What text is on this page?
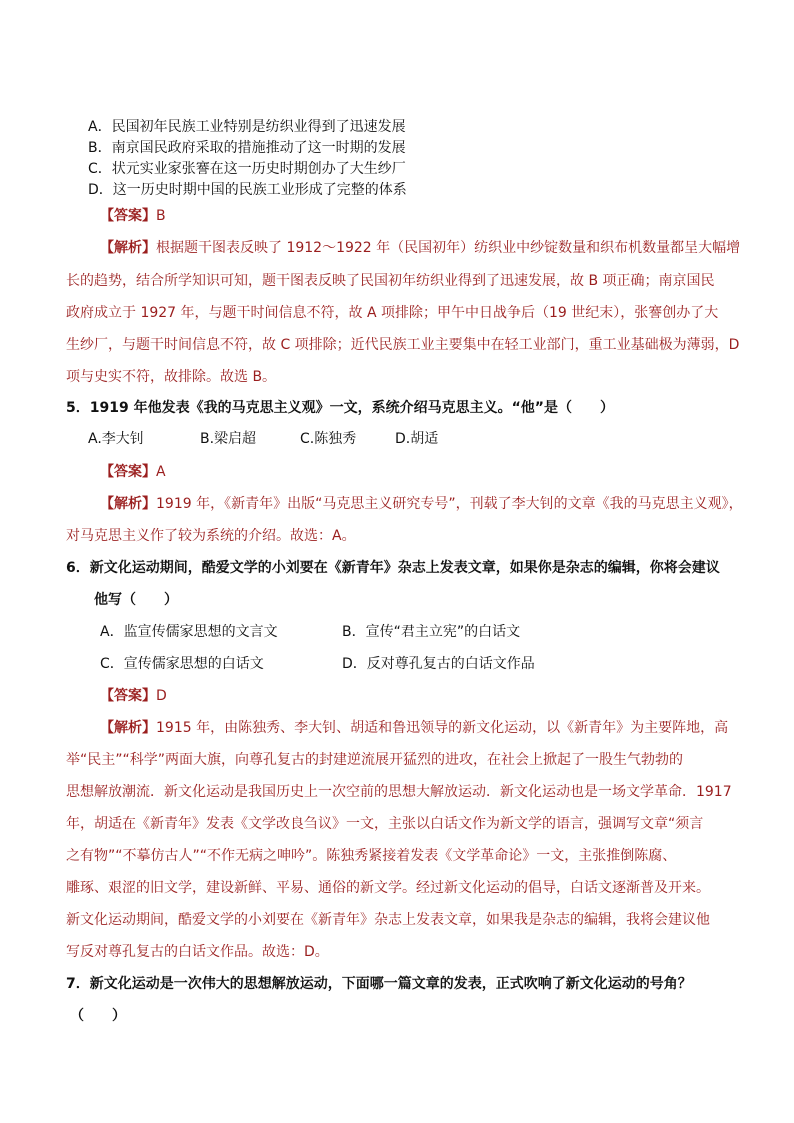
A．民国初年民族工业特别是纺织业得到了迅速发展
B．南京国民政府采取的措施推动了这一时期的发展
C．状元实业家张謇在这一历史时期创办了大生纱厂
D．这一历史时期中国的民族工业形成了完整的体系
【答案】B
【解析】根据题干图表反映了 1912～1922 年（民国初年）纺织业中纱锭数量和织布机数量都呈大幅增
长的趋势，结合所学知识可知，题干图表反映了民国初年纺织业得到了迅速发展，故 B 项正确；南京国民
政府成立于 1927 年，与题干时间信息不符，故 A 项排除；甲午中日战争后（19 世纪末），张謇创办了大
生纱厂，与题干时间信息不符，故 C 项排除；近代民族工业主要集中在轻工业部门，重工业基础极为薄弱，D
项与史实不符，故排除。故选 B。
5．1919 年他发表《我的马克思主义观》一文，系统介绍马克思主义。“他”是（　　）
A.李大钊	B.梁启超	C.陈独秀	D.胡适
【答案】A
【解析】1919 年，《新青年》出版“马克思主义研究专号”，刊载了李大钊的文章《我的马克思主义观》，
对马克思主义作了较为系统的介绍。故选：A。
6．新文化运动期间，酷爱文学的小刘要在《新青年》杂志上发表文章，如果你是杂志的编辑，你将会建议
他写（　　）
A．监宣传儒家思想的文言文	B．宣传“君主立宪”的白话文
C．宣传儒家思想的白话文	D．反对尊孔复古的白话文作品
【答案】D
【解析】1915 年，由陈独秀、李大钊、胡适和鲁迅领导的新文化运动，以《新青年》为主要阵地，高
举“民主”“科学”两面大旗，向尊孔复古的封建逆流展开猛烈的进攻，在社会上掀起了一股生气勃勃的
思想解放潮流．新文化运动是我国历史上一次空前的思想大解放运动．新文化运动也是一场文学革命．1917
年，胡适在《新青年》发表《文学改良刍议》一文，主张以白话文作为新文学的语言，强调写文章“须言
之有物”“不摹仿古人”“不作无病之呻吟”。陈独秀紧接着发表《文学革命论》一文，主张推倒陈腐、
雕琢、艰涩的旧文学，建设新鲜、平易、通俗的新文学。经过新文化运动的倡导，白话文逐渐普及开来。
新文化运动期间，酷爱文学的小刘要在《新青年》杂志上发表文章，如果我是杂志的编辑，我将会建议他
写反对尊孔复古的白话文作品。故选：D。
7．新文化运动是一次伟大的思想解放运动，下面哪一篇文章的发表，正式吹响了新文化运动的号角？
（　　）
